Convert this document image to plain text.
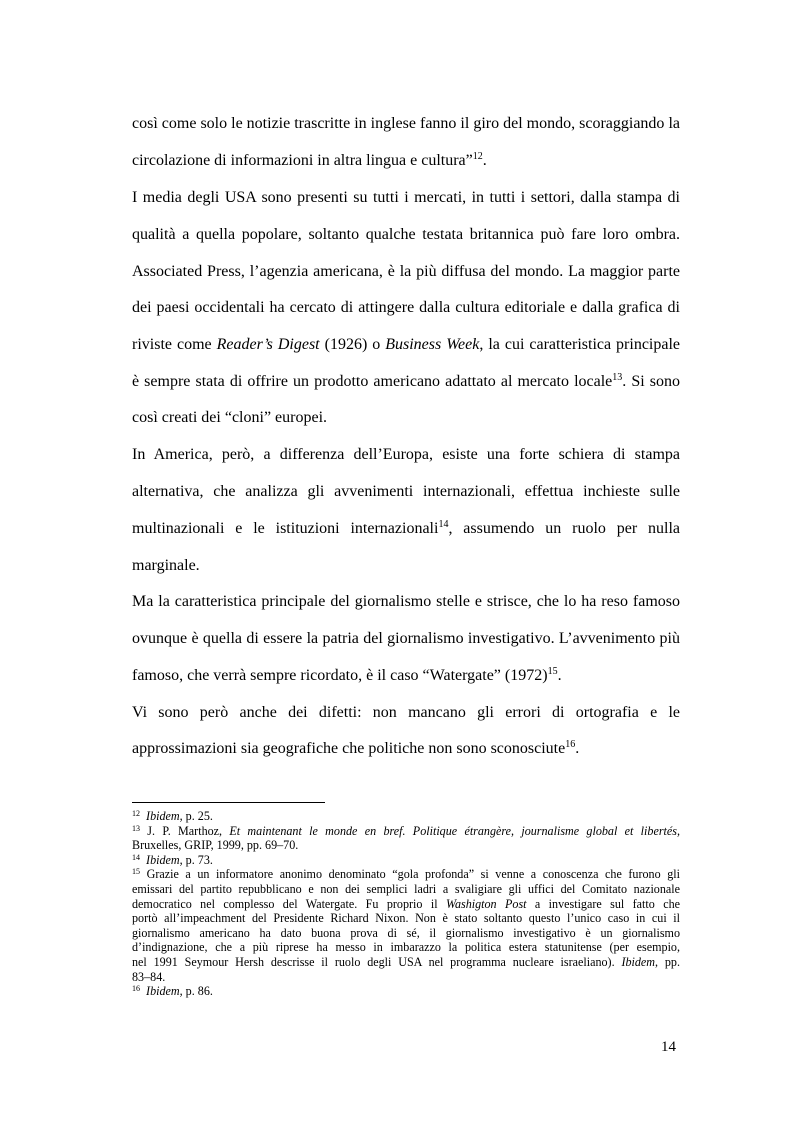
così come solo le notizie trascritte in inglese fanno il giro del mondo, scoraggiando la
circolazione di informazioni in altra lingua e cultura”$^{12}$.
I media degli USA sono presenti su tutti i mercati, in tutti i settori, dalla stampa di
qualità a quella popolare, soltanto qualche testata britannica può fare loro ombra.
Associated Press, l’agenzia americana, è la più diffusa del mondo. La maggior parte
dei paesi occidentali ha cercato di attingere dalla cultura editoriale e dalla grafica di
riviste come Reader’s Digest (1926) o Business Week, la cui caratteristica principale
è sempre stata di offrire un prodotto americano adattato al mercato locale$^{13}$. Si sono
così creati dei “cloni” europei.
In America, però, a differenza dell’Europa, esiste una forte schiera di stampa
alternativa, che analizza gli avvenimenti internazionali, effettua inchieste sulle
multinazionali e le istituzioni internazionali$^{14}$, assumendo un ruolo per nulla
marginale.
Ma la caratteristica principale del giornalismo stelle e strisce, che lo ha reso famoso
ovunque è quella di essere la patria del giornalismo investigativo. L’avvenimento più
famoso, che verrà sempre ricordato, è il caso “Watergate” $(1972)^{15}$.
Vi sono però anche dei difetti: non mancano gli errori di ortografia e le
approssimazioni sia geografiche che politiche non sono sconosciute$^{16}$.
$^{12}$ Ibidem, p. 25.
$^{13}$ J. P. Marthoz, Et maintenant le monde en bref. Politique étrangère, journalisme global et libertés,
Bruxelles, GRIP, 1999, pp. 69–70.
$^{14}$ Ibidem, p. 73.
$^{15}$ Grazie a un informatore anonimo denominato “gola profonda” si venne a conoscenza che furono gli
emissari del partito repubblicano e non dei semplici ladri a svaligiare gli uffici del Comitato nazionale
democratico nel complesso del Watergate. Fu proprio il Washigton Post a investigare sul fatto che
portò all’impeachment del Presidente Richard Nixon. Non è stato soltanto questo l’unico caso in cui il
giornalismo americano ha dato buona prova di sé, il giornalismo investigativo è un giornalismo
d’indignazione, che a più riprese ha messo in imbarazzo la politica estera statunitense (per esempio,
nel 1991 Seymour Hersh descrisse il ruolo degli USA nel programma nucleare israeliano). Ibidem, pp.
83–84.
$^{16}$ Ibidem, p. 86.
14
